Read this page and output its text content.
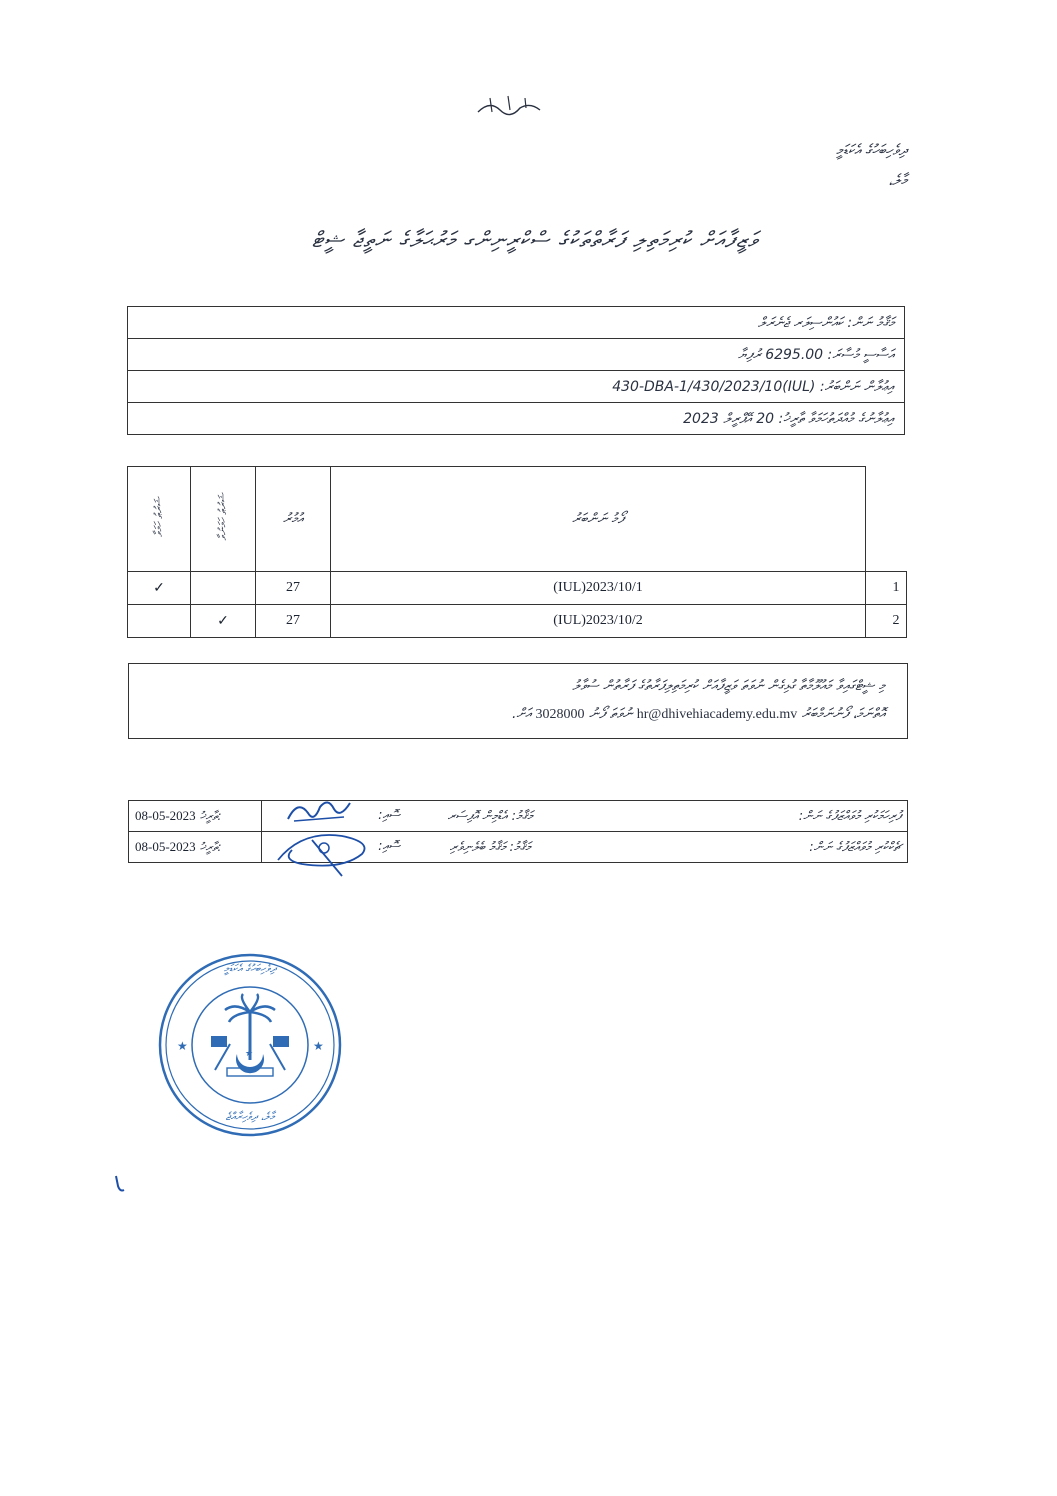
ދިވެހިބަހުގެ އެކަޑަމީ
މާލެ،
ވަޒީފާއަށް ކުރިމަތިލި ފަރާތްތަކުގެ ސްކްރީނިންގ މަރުޙަލާގެ ނަތީޖާ ޝީޓް
މަޤާމު ނަން: ކައުންސިލަރ ޖެނެރަލް
އަސާސީ މުސާރަ: 6295.00 ރުފިޔާ
އިޢުލާން ނަންބަރު: (IUL)430-DBA-1/430/2023/10
އިޢުލާނުގެ މުއްދަތުހަމަވާ ތާރީޚު: 20 އޭޕްރީލް 2023
ޝަރުޠު ހަމަވާ	ޝަރުޠު ހަމަނުވާ	އުމުރު	ފޯމު ނަންބަރު	
✓		27	(IUL)2023/10/1	1
	✓	27	(IUL)2023/10/2	2
މި ޝީޓްގައިވާ މައުލޫމާތާ ގުޅިގެން ނުވަތަ ވަޒީފާއަށް ކުރިމަތިލިފަރާތުގެ ފަރާތުން ސުވާލު
އޮތްނަމަ، ފޯނުނަމްބަރު hr@dhivehiacademy.edu.mv ނުވަތަ ފޯނު 3028000 އަށް.
08-05-2023 ތާރީޚު:	ސޮއި:	މަޤާމު: އެޑްމިން އޮފިސަރ	ފުރިހަމަކުރި މުވައްޒަފުގެ ނަން:
08-05-2023 ތާރީޚު:	ސޮއި:	މަޤާމު: މަޤާމު ބެލެނިވެރި	ޗެކްކުރި މުވައްޒަފުގެ ނަން:
★	★
★
ދިވެހިބަހުގެ އެކަޑަމީ
މާލެ، ދިވެހިރާއްޖެ
